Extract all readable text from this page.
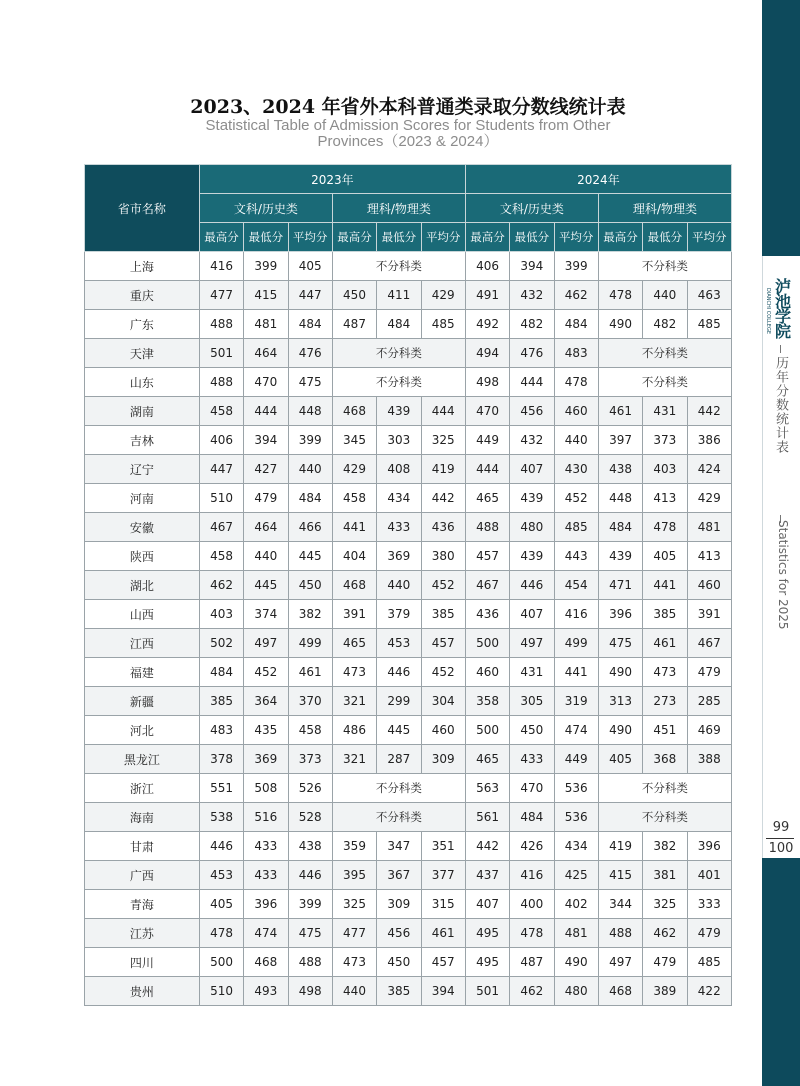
泸池学院
DIANCHI COLLEGE
历年分数统计表
Statistics for 2025
99
100
2023、2024 年省外本科普通类录取分数线统计表
Statistical Table of Admission Scores for Students from Other
Provinces（2023 & 2024）
省市名称	2023年						2024年					
	文科/历史类			理科/物理类			文科/历史类			理科/物理类		
	最高分	最低分	平均分	最高分	最低分	平均分	最高分	最低分	平均分	最高分	最低分	平均分
上海	416	399	405	不分科类			406	394	399	不分科类		
重庆	477	415	447	450	411	429	491	432	462	478	440	463
广东	488	481	484	487	484	485	492	482	484	490	482	485
天津	501	464	476	不分科类			494	476	483	不分科类		
山东	488	470	475	不分科类			498	444	478	不分科类		
湖南	458	444	448	468	439	444	470	456	460	461	431	442
吉林	406	394	399	345	303	325	449	432	440	397	373	386
辽宁	447	427	440	429	408	419	444	407	430	438	403	424
河南	510	479	484	458	434	442	465	439	452	448	413	429
安徽	467	464	466	441	433	436	488	480	485	484	478	481
陕西	458	440	445	404	369	380	457	439	443	439	405	413
湖北	462	445	450	468	440	452	467	446	454	471	441	460
山西	403	374	382	391	379	385	436	407	416	396	385	391
江西	502	497	499	465	453	457	500	497	499	475	461	467
福建	484	452	461	473	446	452	460	431	441	490	473	479
新疆	385	364	370	321	299	304	358	305	319	313	273	285
河北	483	435	458	486	445	460	500	450	474	490	451	469
黑龙江	378	369	373	321	287	309	465	433	449	405	368	388
浙江	551	508	526	不分科类			563	470	536	不分科类		
海南	538	516	528	不分科类			561	484	536	不分科类		
甘肃	446	433	438	359	347	351	442	426	434	419	382	396
广西	453	433	446	395	367	377	437	416	425	415	381	401
青海	405	396	399	325	309	315	407	400	402	344	325	333
江苏	478	474	475	477	456	461	495	478	481	488	462	479
四川	500	468	488	473	450	457	495	487	490	497	479	485
贵州	510	493	498	440	385	394	501	462	480	468	389	422
